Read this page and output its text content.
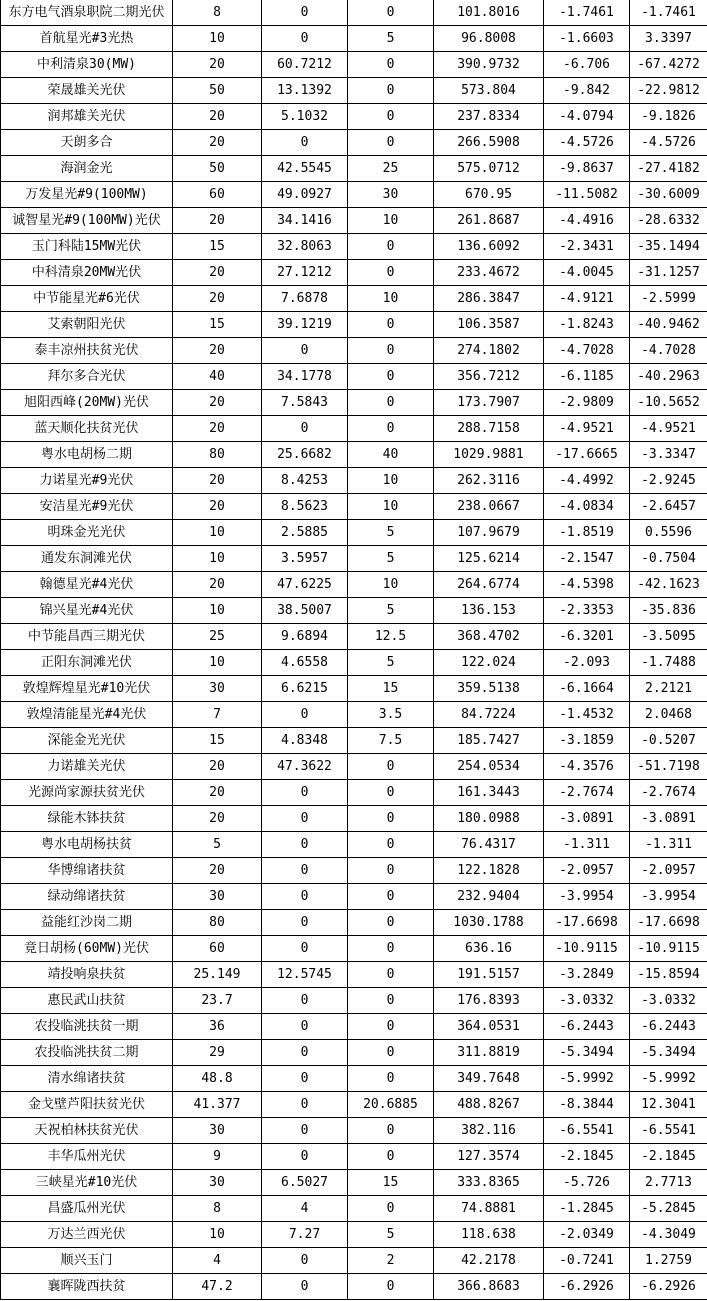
东方电气酒泉职院二期光伏	8	0	0	101.8016	-1.7461	-1.7461
首航星光#3光热	10	0	5	96.8008	-1.6603	3.3397
中利清泉30(MW)	20	60.7212	0	390.9732	-6.706	-67.4272
荣晟雄关光伏	50	13.1392	0	573.804	-9.842	-22.9812
润邦雄关光伏	20	5.1032	0	237.8334	-4.0794	-9.1826
天朗多合	20	0	0	266.5908	-4.5726	-4.5726
海润金光	50	42.5545	25	575.0712	-9.8637	-27.4182
万发星光#9(100MW)	60	49.0927	30	670.95	-11.5082	-30.6009
诚智星光#9(100MW)光伏	20	34.1416	10	261.8687	-4.4916	-28.6332
玉门科陆15MW光伏	15	32.8063	0	136.6092	-2.3431	-35.1494
中科清泉20MW光伏	20	27.1212	0	233.4672	-4.0045	-31.1257
中节能星光#6光伏	20	7.6878	10	286.3847	-4.9121	-2.5999
艾索朝阳光伏	15	39.1219	0	106.3587	-1.8243	-40.9462
泰丰凉州扶贫光伏	20	0	0	274.1802	-4.7028	-4.7028
拜尔多合光伏	40	34.1778	0	356.7212	-6.1185	-40.2963
旭阳西峰(20MW)光伏	20	7.5843	0	173.7907	-2.9809	-10.5652
蓝天顺化扶贫光伏	20	0	0	288.7158	-4.9521	-4.9521
粤水电胡杨二期	80	25.6682	40	1029.9881	-17.6665	-3.3347
力诺星光#9光伏	20	8.4253	10	262.3116	-4.4992	-2.9245
安洁星光#9光伏	20	8.5623	10	238.0667	-4.0834	-2.6457
明珠金光光伏	10	2.5885	5	107.9679	-1.8519	0.5596
通发东洞滩光伏	10	3.5957	5	125.6214	-2.1547	-0.7504
翰德星光#4光伏	20	47.6225	10	264.6774	-4.5398	-42.1623
锦兴星光#4光伏	10	38.5007	5	136.153	-2.3353	-35.836
中节能昌西三期光伏	25	9.6894	12.5	368.4702	-6.3201	-3.5095
正阳东洞滩光伏	10	4.6558	5	122.024	-2.093	-1.7488
敦煌辉煌星光#10光伏	30	6.6215	15	359.5138	-6.1664	2.2121
敦煌清能星光#4光伏	7	0	3.5	84.7224	-1.4532	2.0468
深能金光光伏	15	4.8348	7.5	185.7427	-3.1859	-0.5207
力诺雄关光伏	20	47.3622	0	254.0534	-4.3576	-51.7198
光源尚家源扶贫光伏	20	0	0	161.3443	-2.7674	-2.7674
绿能木钵扶贫	20	0	0	180.0988	-3.0891	-3.0891
粤水电胡杨扶贫	5	0	0	76.4317	-1.311	-1.311
华博绵诸扶贫	20	0	0	122.1828	-2.0957	-2.0957
绿动绵诸扶贫	30	0	0	232.9404	-3.9954	-3.9954
益能红沙岗二期	80	0	0	1030.1788	-17.6698	-17.6698
竟日胡杨(60MW)光伏	60	0	0	636.16	-10.9115	-10.9115
靖投响泉扶贫	25.149	12.5745	0	191.5157	-3.2849	-15.8594
惠民武山扶贫	23.7	0	0	176.8393	-3.0332	-3.0332
农投临洮扶贫一期	36	0	0	364.0531	-6.2443	-6.2443
农投临洮扶贫二期	29	0	0	311.8819	-5.3494	-5.3494
清水绵诸扶贫	48.8	0	0	349.7648	-5.9992	-5.9992
金戈壁芦阳扶贫光伏	41.377	0	20.6885	488.8267	-8.3844	12.3041
天祝柏林扶贫光伏	30	0	0	382.116	-6.5541	-6.5541
丰华瓜州光伏	9	0	0	127.3574	-2.1845	-2.1845
三峡星光#10光伏	30	6.5027	15	333.8365	-5.726	2.7713
昌盛瓜州光伏	8	4	0	74.8881	-1.2845	-5.2845
万达兰西光伏	10	7.27	5	118.638	-2.0349	-4.3049
顺兴玉门	4	0	2	42.2178	-0.7241	1.2759
襄晖陇西扶贫	47.2	0	0	366.8683	-6.2926	-6.2926
